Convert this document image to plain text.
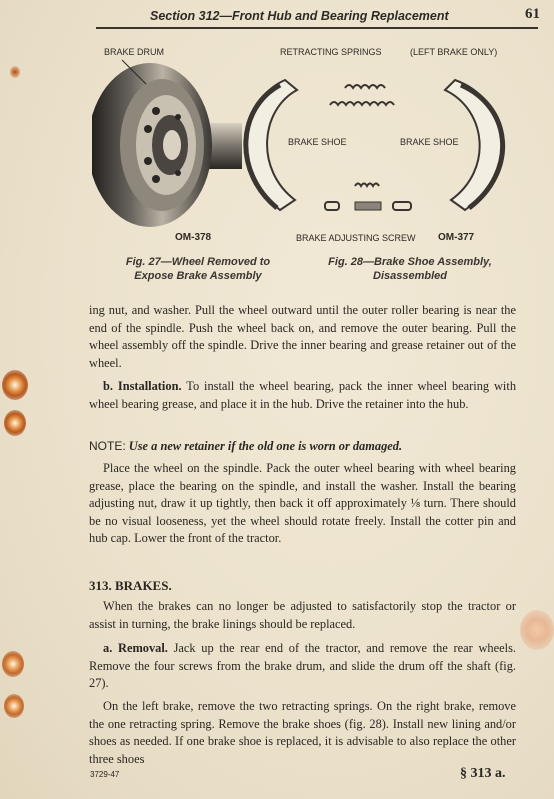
Section 312—Front Hub and Bearing Replacement	61
BRAKE DRUM	RETRACTING SPRINGS	(LEFT BRAKE ONLY)
BRAKE SHOE	BRAKE SHOE
OM-378	BRAKE ADJUSTING SCREW OM-377
Fig. 27—Wheel Removed to
Expose Brake Assembly
Fig. 28—Brake Shoe Assembly,
Disassembled
ing nut, and washer. Pull the wheel outward until the outer roller bearing is near the end of the spindle. Push the wheel back on, and remove the outer bearing. Pull the wheel assembly off the spindle. Drive the inner bearing and grease retainer out of the wheel.
b. Installation. To install the wheel bearing, pack the inner wheel bearing with wheel bearing grease, and place it in the hub. Drive the retainer into the hub.
NOTE: Use a new retainer if the old one is worn or damaged.
Place the wheel on the spindle. Pack the outer wheel bearing with wheel bearing grease, place the bearing on the spindle, and install the washer. Install the bearing adjusting nut, draw it up tightly, then back it off approximately ⅛ turn. There should be no visual looseness, yet the wheel should rotate freely. Install the cotter pin and hub cap. Lower the front of the tractor.
313. BRAKES.
When the brakes can no longer be adjusted to satisfactorily stop the tractor or assist in turning, the brake linings should be replaced.
a. Removal. Jack up the rear end of the tractor, and remove the rear wheels. Remove the four screws from the brake drum, and slide the drum off the shaft (fig. 27).
On the left brake, remove the two retracting springs. On the right brake, remove the one retracting spring. Remove the brake shoes (fig. 28). Install new lining and/or shoes as needed. If one brake shoe is replaced, it is advisable to also replace the other three shoes
3729-47	§ 313 a.
